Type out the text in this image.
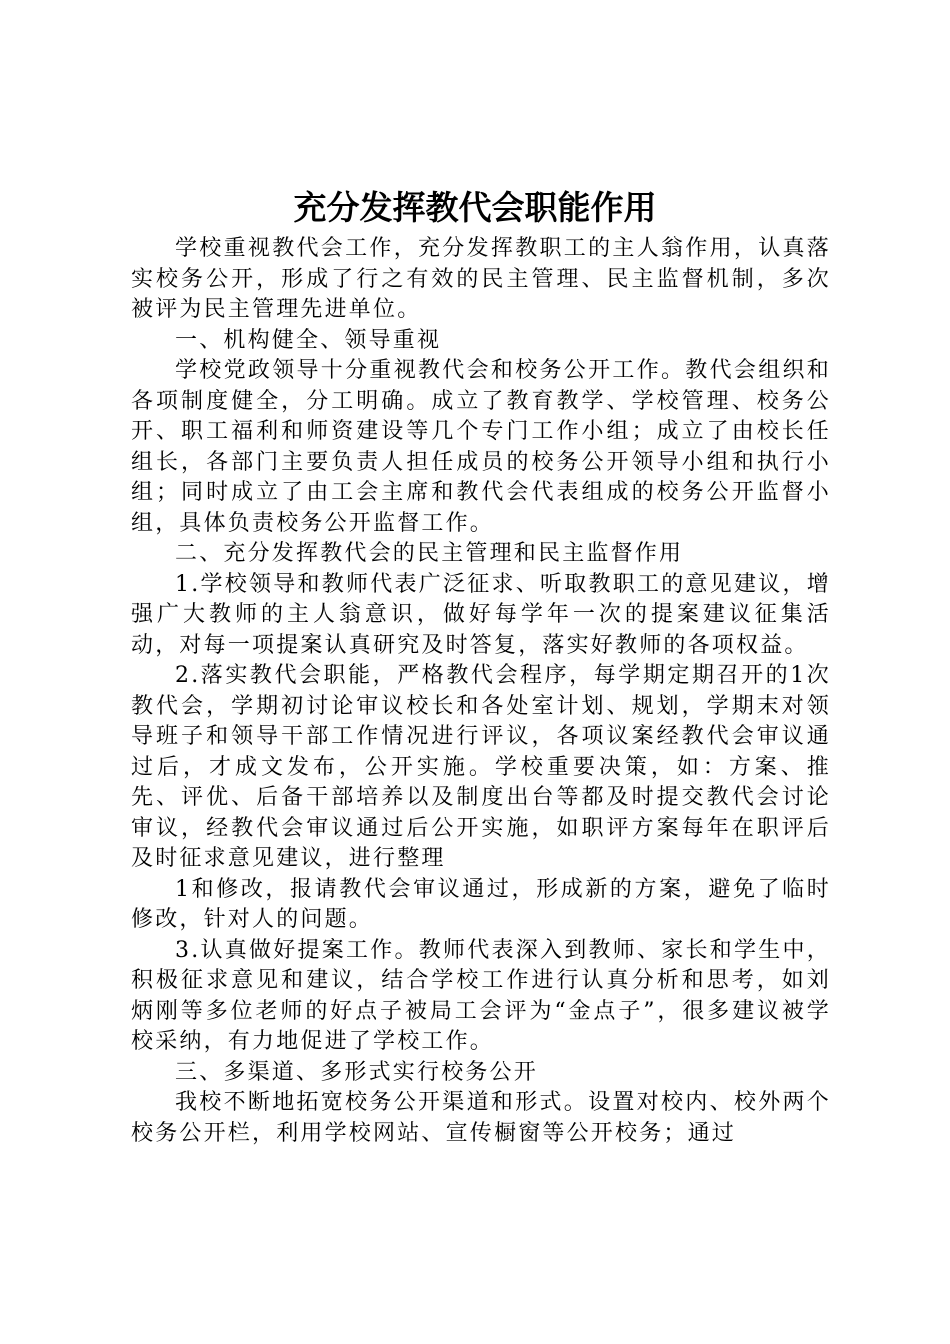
充分发挥教代会职能作用

学校重视教代会工作，充分发挥教职工的主人翁作用，认真落实校务公开，形成了行之有效的民主管理、民主监督机制，多次被评为民主管理先进单位。

一、机构健全、领导重视

学校党政领导十分重视教代会和校务公开工作。教代会组织和各项制度健全，分工明确。成立了教育教学、学校管理、校务公开、职工福利和师资建设等几个专门工作小组；成立了由校长任组长，各部门主要负责人担任成员的校务公开领导小组和执行小组；同时成立了由工会主席和教代会代表组成的校务公开监督小组，具体负责校务公开监督工作。

二、充分发挥教代会的民主管理和民主监督作用

1.学校领导和教师代表广泛征求、听取教职工的意见建议，增强广大教师的主人翁意识，做好每学年一次的提案建议征集活动，对每一项提案认真研究及时答复，落实好教师的各项权益。

2.落实教代会职能，严格教代会程序，每学期定期召开的1次教代会，学期初讨论审议校长和各处室计划、规划，学期末对领导班子和领导干部工作情况进行评议，各项议案经教代会审议通过后，才成文发布，公开实施。学校重要决策，如：方案、推先、评优、后备干部培养以及制度出台等都及时提交教代会讨论审议，经教代会审议通过后公开实施，如职评方案每年在职评后及时征求意见建议，进行整理

1和修改，报请教代会审议通过，形成新的方案，避免了临时修改，针对人的问题。

3.认真做好提案工作。教师代表深入到教师、家长和学生中，积极征求意见和建议，结合学校工作进行认真分析和思考，如刘炳刚等多位老师的好点子被局工会评为“金点子”，很多建议被学校采纳，有力地促进了学校工作。

三、多渠道、多形式实行校务公开

我校不断地拓宽校务公开渠道和形式。设置对校内、校外两个校务公开栏，利用学校网站、宣传橱窗等公开校务；通过
